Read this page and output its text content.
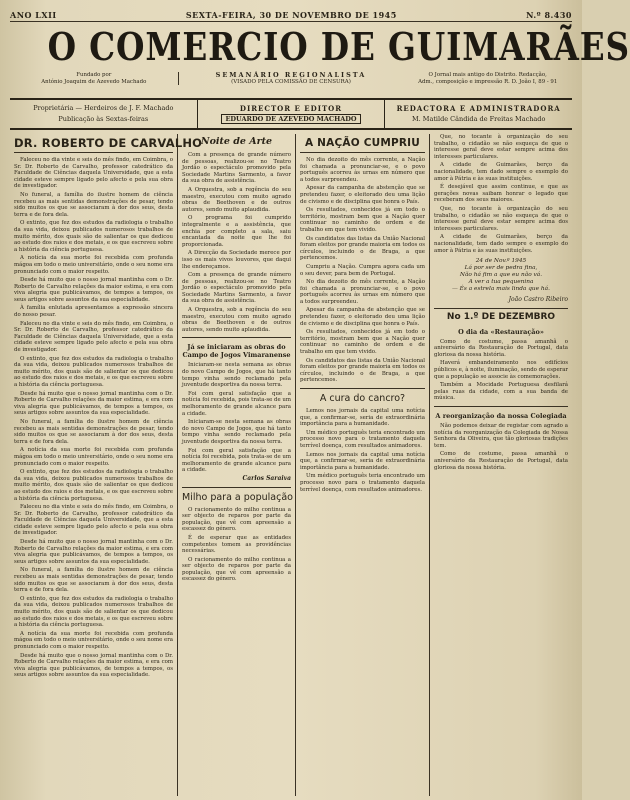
ANO LXII	SEXTA-FEIRA, 30 DE NOVEMBRO DE 1945	N.º 8.430
O COMERCIO DE GUIMARÃES
Fundado por
António Joaquim de Azevedo Machado
SEMANÁRIO REGIONALISTA
(VISADO PELA COMISSÃO DE CENSURA)
O Jornal mais antigo do Distrito. Redacção,
Adm., composição e impressão R. D. João I, 89 - 91
Proprietária — Herdeiros de J. F. Machado
Publicação às Sextas-feiras
DIRECTOR E EDITOR
EDUARDO DE AZEVEDO MACHADO
REDACTORA E ADMINISTRADORA
M. Matilde Cândida de Freitas Machado
DR. ROBERTO DE CARVALHO

Faleceu no dia vinte e seis do mês findo, em Coimbra, o Sr. Dr. Roberto de Carvalho, professor catedrático da Faculdade de Ciências daquela Universidade, que a esta cidade esteve sempre ligado pelo afecto e pela sua obra de investigador.

No funeral, a família do ilustre homem de ciência recebeu as mais sentidas demonstrações de pesar, tendo sido muitos os que se associaram à dor dos seus, desta terra e de fora dela.

O extinto, que fez dos estudos da radiologia o trabalho da sua vida, deixou publicados numerosos trabalhos de muito mérito, dos quais são de salientar os que dedicou ao estudo dos raios e dos metais, e os que escreveu sobre a história da ciência portuguesa.

A notícia da sua morte foi recebida com profunda mágoa em todo o meio universitário, onde o seu nome era pronunciado com o maior respeito.

Desde há muito que o nosso jornal mantinha com o Dr. Roberto de Carvalho relações da maior estima, e era com viva alegria que publicávamos, de tempos a tempos, os seus artigos sobre assuntos da sua especialidade.

À família enlutada apresentamos a expressão sincera do nosso pesar.

Faleceu no dia vinte e seis do mês findo, em Coimbra, o Sr. Dr. Roberto de Carvalho, professor catedrático da Faculdade de Ciências daquela Universidade, que a esta cidade esteve sempre ligado pelo afecto e pela sua obra de investigador.

O extinto, que fez dos estudos da radiologia o trabalho da sua vida, deixou publicados numerosos trabalhos de muito mérito, dos quais são de salientar os que dedicou ao estudo dos raios e dos metais, e os que escreveu sobre a história da ciência portuguesa.

Desde há muito que o nosso jornal mantinha com o Dr. Roberto de Carvalho relações da maior estima, e era com viva alegria que publicávamos, de tempos a tempos, os seus artigos sobre assuntos da sua especialidade.

No funeral, a família do ilustre homem de ciência recebeu as mais sentidas demonstrações de pesar, tendo sido muitos os que se associaram à dor dos seus, desta terra e de fora dela.

A notícia da sua morte foi recebida com profunda mágoa em todo o meio universitário, onde o seu nome era pronunciado com o maior respeito.

O extinto, que fez dos estudos da radiologia o trabalho da sua vida, deixou publicados numerosos trabalhos de muito mérito, dos quais são de salientar os que dedicou ao estudo dos raios e dos metais, e os que escreveu sobre a história da ciência portuguesa.

Faleceu no dia vinte e seis do mês findo, em Coimbra, o Sr. Dr. Roberto de Carvalho, professor catedrático da Faculdade de Ciências daquela Universidade, que a esta cidade esteve sempre ligado pelo afecto e pela sua obra de investigador.

Desde há muito que o nosso jornal mantinha com o Dr. Roberto de Carvalho relações da maior estima, e era com viva alegria que publicávamos, de tempos a tempos, os seus artigos sobre assuntos da sua especialidade.

No funeral, a família do ilustre homem de ciência recebeu as mais sentidas demonstrações de pesar, tendo sido muitos os que se associaram à dor dos seus, desta terra e de fora dela.

O extinto, que fez dos estudos da radiologia o trabalho da sua vida, deixou publicados numerosos trabalhos de muito mérito, dos quais são de salientar os que dedicou ao estudo dos raios e dos metais, e os que escreveu sobre a história da ciência portuguesa.

A notícia da sua morte foi recebida com profunda mágoa em todo o meio universitário, onde o seu nome era pronunciado com o maior respeito.

Desde há muito que o nosso jornal mantinha com o Dr. Roberto de Carvalho relações da maior estima, e era com viva alegria que publicávamos, de tempos a tempos, os seus artigos sobre assuntos da sua especialidade.

Noite de Arte

Com a presença de grande número de pessoas, realizou-se no Teatro Jordão o espectáculo promovido pela Sociedade Martins Sarmento, a favor da sua obra de assistência.

A Orquestra, sob a regência do seu maestro, executou com muito agrado obras de Beethoven e de outros autores, sendo muito aplaudida.

O programa foi cumprido integralmente e a assistência, que enchia por completo a sala, saiu encantada da noite que lhe foi proporcionada.

A Direcção da Sociedade merece por isso os mais vivos louvores, que daqui lhe endereçamos.

Com a presença de grande número de pessoas, realizou-se no Teatro Jordão o espectáculo promovido pela Sociedade Martins Sarmento, a favor da sua obra de assistência.

A Orquestra, sob a regência do seu maestro, executou com muito agrado obras de Beethoven e de outros autores, sendo muito aplaudida.

Já se iniciaram as obras do Campo de Jogos Vimaranense

Iniciaram-se nesta semana as obras do novo Campo de Jogos, que há tanto tempo vinha sendo reclamado pela juventude desportiva da nossa terra.

Foi com geral satisfação que a notícia foi recebida, pois trata-se de um melhoramento de grande alcance para a cidade.

Iniciaram-se nesta semana as obras do novo Campo de Jogos, que há tanto tempo vinha sendo reclamado pela juventude desportiva da nossa terra.

Foi com geral satisfação que a notícia foi recebida, pois trata-se de um melhoramento de grande alcance para a cidade.

Carlos Saraiva
Milho para a população

O racionamento do milho continua a ser objecto de reparos por parte da população, que vê com apreensão a escassez do género.

É de esperar que as entidades competentes tomem as providências necessárias.

O racionamento do milho continua a ser objecto de reparos por parte da população, que vê com apreensão a escassez do género.

A NAÇÃO CUMPRIU

No dia dezoito do mês corrente, a Nação foi chamada a pronunciar-se, e o povo português acorreu às urnas em número que a todos surpreendeu.

Apesar da campanha de abstenção que se pretendeu fazer, o eleitorado deu uma lição de civismo e de disciplina que honra o País.

Os resultados, conhecidos já em todo o território, mostram bem que a Nação quer continuar no caminho de ordem e de trabalho em que tem vivido.

Os candidatos das listas da União Nacional foram eleitos por grande maioria em todos os círculos, incluindo o de Braga, a que pertencemos.

Cumpriu a Nação. Cumpra agora cada um o seu dever, para bem de Portugal.

No dia dezoito do mês corrente, a Nação foi chamada a pronunciar-se, e o povo português acorreu às urnas em número que a todos surpreendeu.

Apesar da campanha de abstenção que se pretendeu fazer, o eleitorado deu uma lição de civismo e de disciplina que honra o País.

Os resultados, conhecidos já em todo o território, mostram bem que a Nação quer continuar no caminho de ordem e de trabalho em que tem vivido.

Os candidatos das listas da União Nacional foram eleitos por grande maioria em todos os círculos, incluindo o de Braga, a que pertencemos.

A cura do cancro?

Lemos nos jornais da capital uma notícia que, a confirmar-se, seria de extraordinária importância para a humanidade.

Um médico português teria encontrado um processo novo para o tratamento daquela terrível doença, com resultados animadores.

Lemos nos jornais da capital uma notícia que, a confirmar-se, seria de extraordinária importância para a humanidade.

Um médico português teria encontrado um processo novo para o tratamento daquela terrível doença, com resultados animadores.

Que, no tocante à organização do seu trabalho, o cidadão se não esqueça de que o interesse geral deve estar sempre acima dos interesses particulares.

A cidade de Guimarães, berço da nacionalidade, tem dado sempre o exemplo do amor à Pátria e às suas instituições.

É desejável que assim continue, e que as gerações novas saibam honrar o legado que receberam dos seus maiores.

Que, no tocante à organização do seu trabalho, o cidadão se não esqueça de que o interesse geral deve estar sempre acima dos interesses particulares.

A cidade de Guimarães, berço da nacionalidade, tem dado sempre o exemplo do amor à Pátria e às suas instituições.

24 de Nov.º 1945
Lá por ser de pedra fina,
Não há fim a que eu não vá.
A ver a tua pequenina
— És a estrela mais linda que há.
João Castro Ribeiro
No 1.º DE DEZEMBRO
O dia da «Restauração»

Como de costume, passa amanhã o aniversário da Restauração de Portugal, data gloriosa da nossa história.

Haverá embandeiramento nos edifícios públicos e, à noite, iluminação, sendo de esperar que a população se associe às comemorações.

Também a Mocidade Portuguesa desfilará pelas ruas da cidade, com a sua banda de música.

A reorganização da nossa Colegiada

Não podemos deixar de registar com agrado a notícia da reorganização da Colegiada de Nossa Senhora da Oliveira, que tão gloriosas tradições tem.

Como de costume, passa amanhã o aniversário da Restauração de Portugal, data gloriosa da nossa história.
